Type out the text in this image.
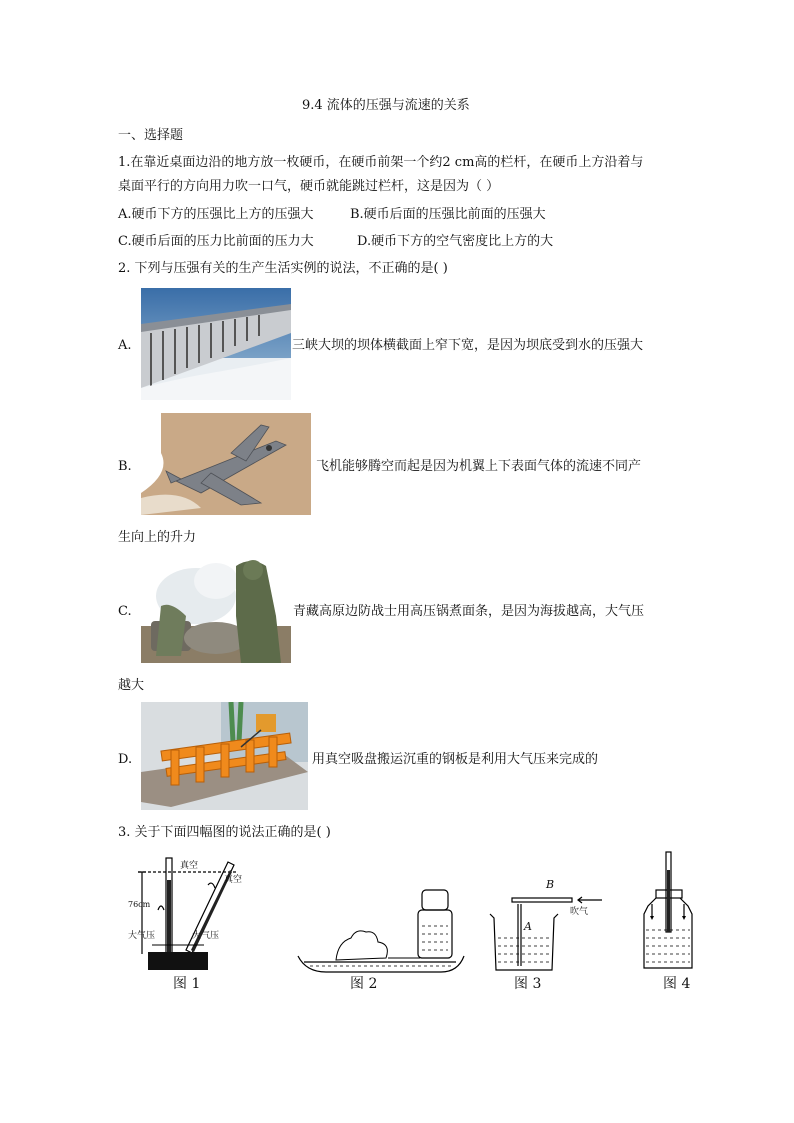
9.4 流体的压强与流速的关系
一、选择题
1.在靠近桌面边沿的地方放一枚硬币，在硬币前架一个约2 cm高的栏杆，在硬币上方沿着与
桌面平行的方向用力吹一口气，硬币就能跳过栏杆，这是因为（ ）
A.硬币下方的压强比上方的压强大	B.硬币后面的压强比前面的压强大
C.硬币后面的压力比前面的压力大	D.硬币下方的空气密度比上方的大
2. 下列与压强有关的生产生活实例的说法，不正确的是( )
A.	三峡大坝的坝体横截面上窄下宽，是因为坝底受到水的压强大
B.	飞机能够腾空而起是因为机翼上下表面气体的流速不同产
生向上的升力
C.	青藏高原边防战士用高压锅煮面条，是因为海拔越高，大气压
越大
D.	用真空吸盘搬运沉重的钢板是利用大气压来完成的
3. 关于下面四幅图的说法正确的是( )
真空
真空
76cm
大气压	大气压
图 1	图 2
B
A
吹气
图 3	图 4
